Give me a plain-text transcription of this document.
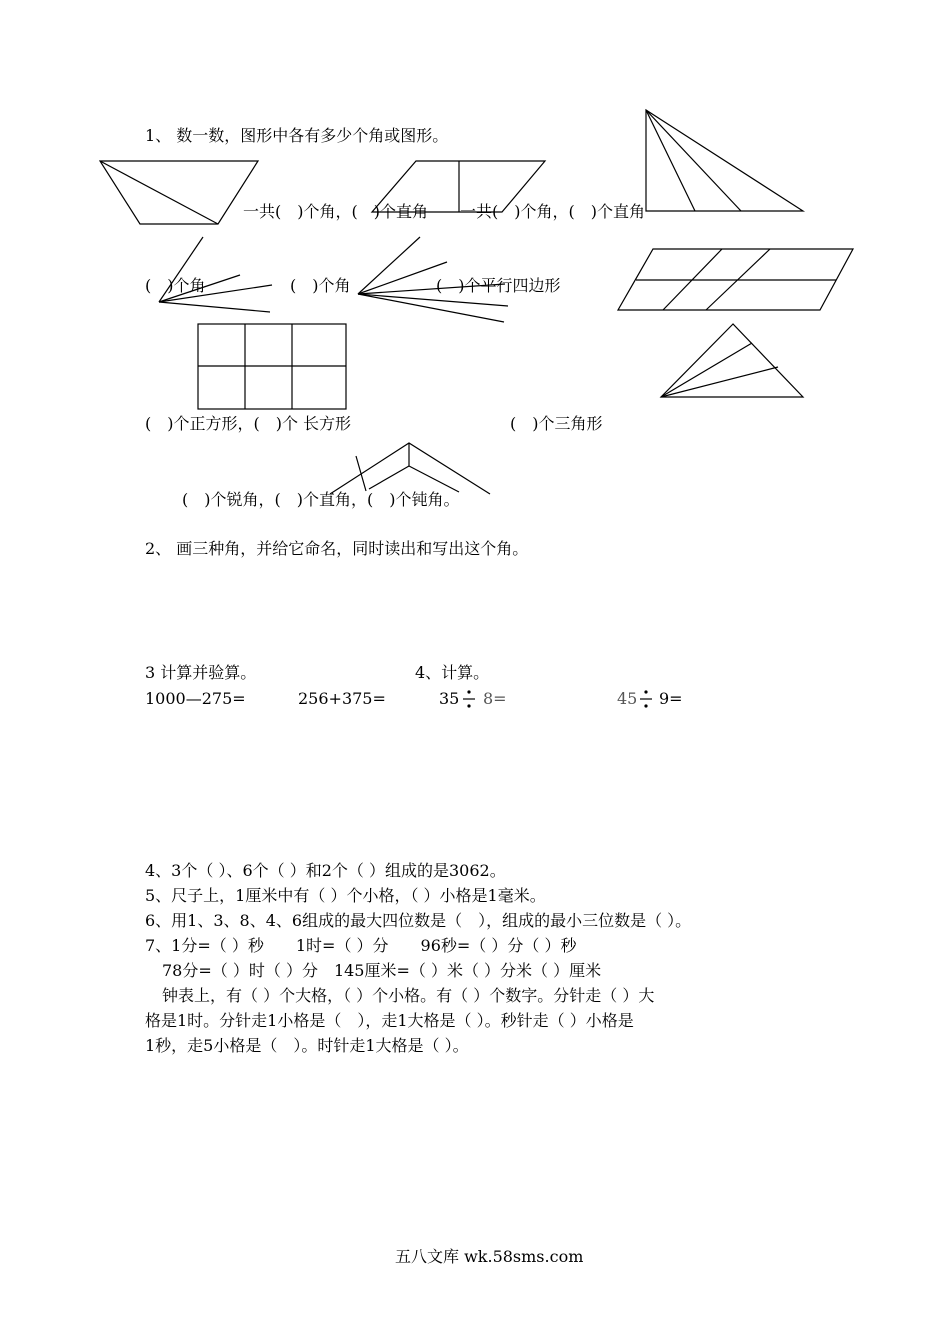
1、 数一数，图形中各有多少个角或图形。
一共(　)个角，(　)个直角　　一共(　)个角，(　)个直角
(　)个角	(　)个角	(　)个平行四边形
(　)个正方形，(　)个 长方形	(　)个三角形
(　)个锐角，(　)个直角，(　)个钝角。
2、 画三种角，并给它命名，同时读出和写出这个角。
3 计算并验算。	4、计算。
1000—275=	256+375=	35 8=	45 9=
4、3个（ ）、6个（ ）和2个（ ）组成的是3062。
5、尺子上，1厘米中有（ ）个小格，（ ）小格是1毫米。
6、用1、3、8、4、6组成的最大四位数是（　），组成的最小三位数是（ ）。
7、1分=（ ）秒　　1时=（ ）分　　96秒=（ ）分（ ）秒
78分=（ ）时（ ）分　145厘米=（ ）米（ ）分米（ ）厘米
钟表上，有（ ）个大格，（ ）个小格。有（ ）个数字。分针走（ ）大
格是1时。分针走1小格是（　），走1大格是（ ）。秒针走（ ）小格是
1秒，走5小格是（　）。时针走1大格是（ ）。
五八文库 wk.58sms.com
